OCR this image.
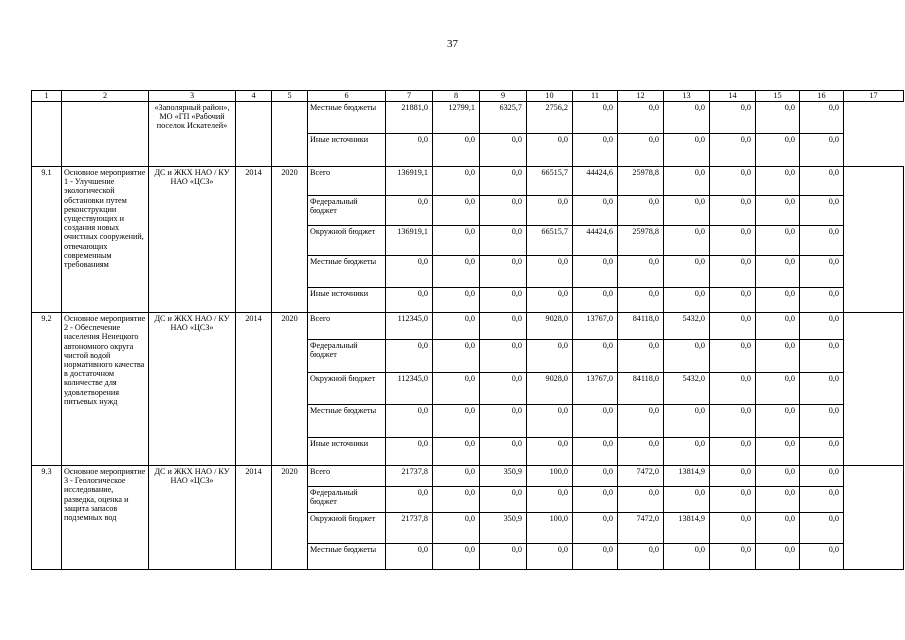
37
1	2	3	4	5	6	7	8	9	10	11	12	13	14	15	16	17
		«Заполярный район», МО «ГП «Рабочий поселок Искателей»			Местные бюджеты	21881,0	12799,1	6325,7	2756,2	0,0	0,0	0,0	0,0	0,0	0,0	
					Иные источники	0,0	0,0	0,0	0,0	0,0	0,0	0,0	0,0	0,0	0,0	
9.1	Основное мероприятие 1 - Улучшение экологической обстановки путем реконструкции существующих и создания новых очистных сооружений, отвечающих современным требованиям	ДС и ЖКХ НАО / КУ НАО «ЦСЗ»	2014	2020	Всего	136919,1	0,0	0,0	66515,7	44424,6	25978,8	0,0	0,0	0,0	0,0	
					Федеральный бюджет	0,0	0,0	0,0	0,0	0,0	0,0	0,0	0,0	0,0	0,0	
					Окружной бюджет	136919,1	0,0	0,0	66515,7	44424,6	25978,8	0,0	0,0	0,0	0,0	
					Местные бюджеты	0,0	0,0	0,0	0,0	0,0	0,0	0,0	0,0	0,0	0,0	
					Иные источники	0,0	0,0	0,0	0,0	0,0	0,0	0,0	0,0	0,0	0,0	
9.2	Основное мероприятие 2 - Обеспечение населения Ненецкого автономного округа чистой водой нормативного качества в достаточном количестве для удовлетворения питьевых нужд	ДС и ЖКХ НАО / КУ НАО «ЦСЗ»	2014	2020	Всего	112345,0	0,0	0,0	9028,0	13767,0	84118,0	5432,0	0,0	0,0	0,0	
					Федеральный бюджет	0,0	0,0	0,0	0,0	0,0	0,0	0,0	0,0	0,0	0,0	
					Окружной бюджет	112345,0	0,0	0,0	9028,0	13767,0	84118,0	5432,0	0,0	0,0	0,0	
					Местные бюджеты	0,0	0,0	0,0	0,0	0,0	0,0	0,0	0,0	0,0	0,0	
					Иные источники	0,0	0,0	0,0	0,0	0,0	0,0	0,0	0,0	0,0	0,0	
9.3	Основное мероприятие 3 - Геологическое исследование, разведка, оценка и защита запасов подземных вод	ДС и ЖКХ НАО / КУ НАО «ЦСЗ»	2014	2020	Всего	21737,8	0,0	350,9	100,0	0,0	7472,0	13814,9	0,0	0,0	0,0	
					Федеральный бюджет	0,0	0,0	0,0	0,0	0,0	0,0	0,0	0,0	0,0	0,0	
					Окружной бюджет	21737,8	0,0	350,9	100,0	0,0	7472,0	13814,9	0,0	0,0	0,0	
					Местные бюджеты	0,0	0,0	0,0	0,0	0,0	0,0	0,0	0,0	0,0	0,0	
